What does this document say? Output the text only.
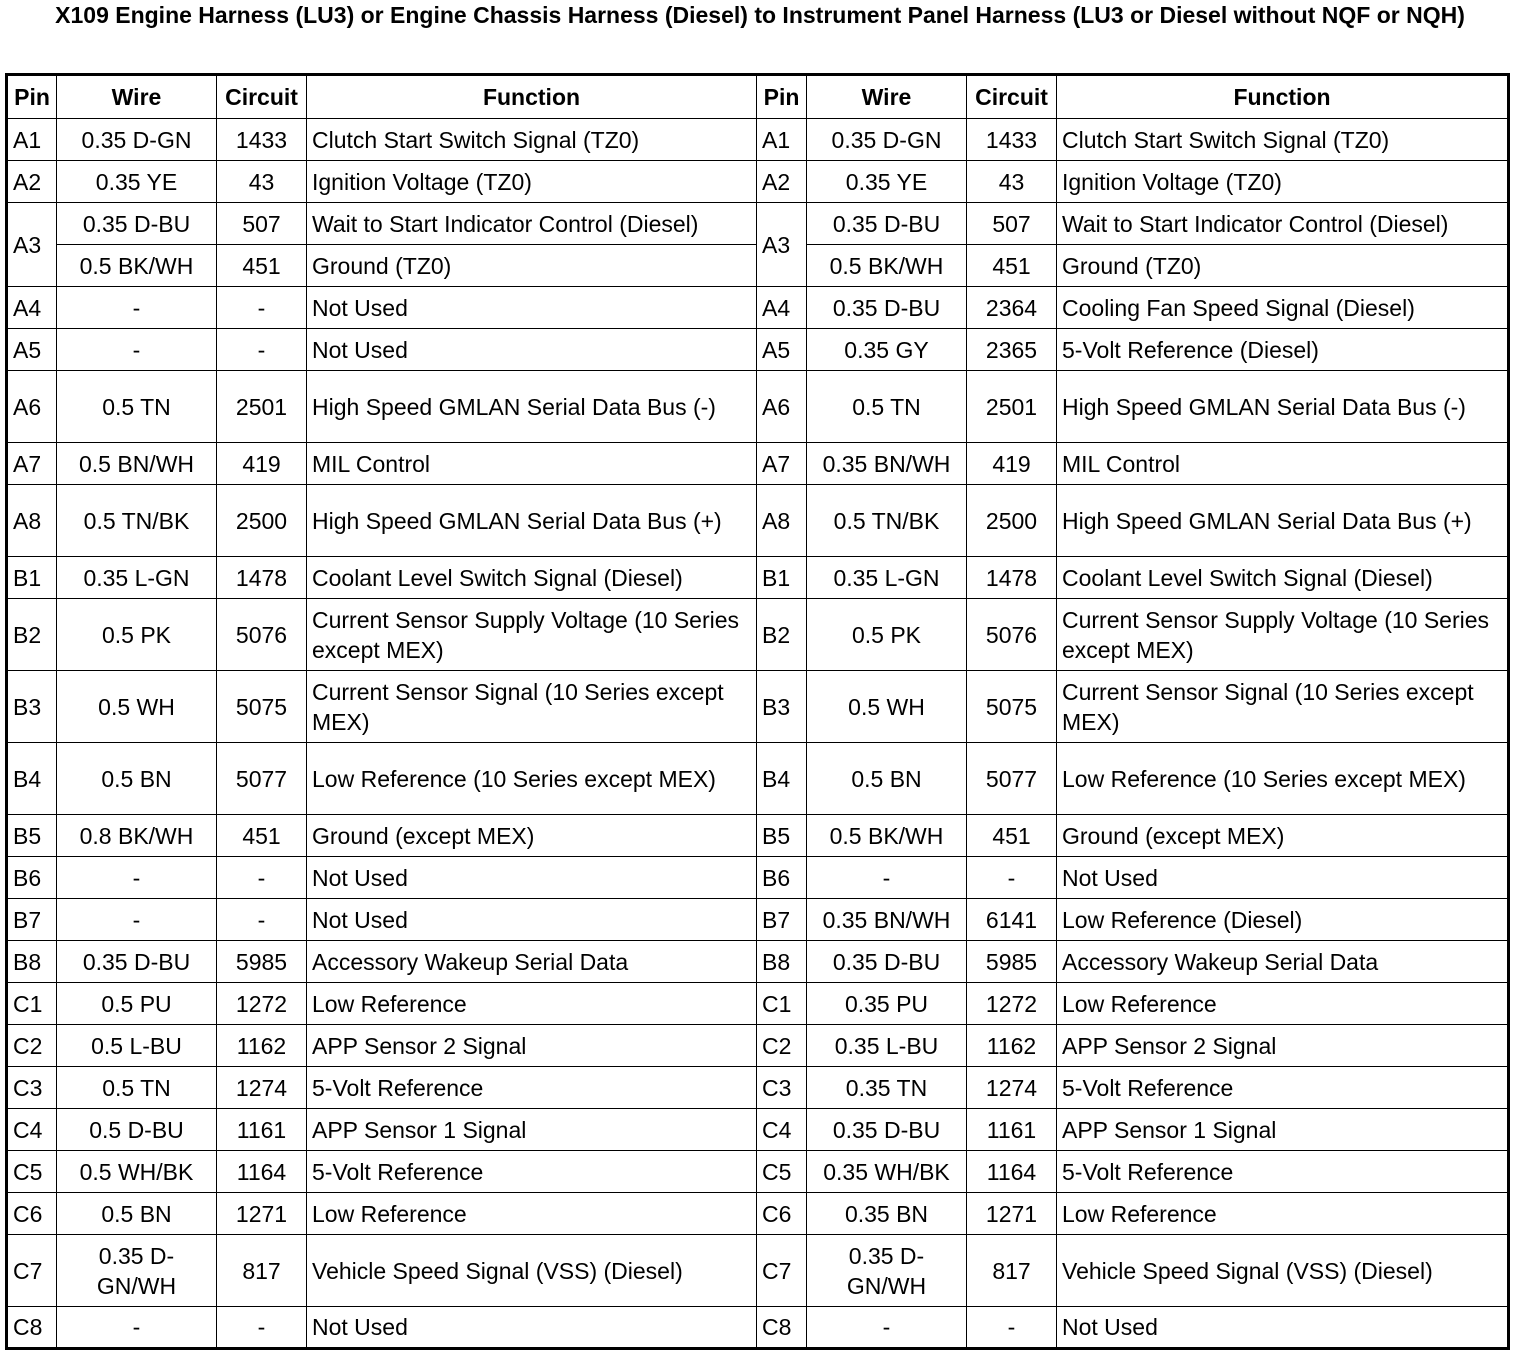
X109 Engine Harness (LU3) or Engine Chassis Harness (Diesel) to Instrument Panel Harness (LU3 or Diesel without NQF or NQH)
Pin	Wire	Circuit	Function	Pin	Wire	Circuit	Function
A1	0.35 D-GN	1433	Clutch Start Switch Signal (TZ0)	A1	0.35 D-GN	1433	Clutch Start Switch Signal (TZ0)
A2	0.35 YE	43	Ignition Voltage (TZ0)	A2	0.35 YE	43	Ignition Voltage (TZ0)
A3	0.35 D-BU	507	Wait to Start Indicator Control (Diesel)	A3	0.35 D-BU	507	Wait to Start Indicator Control (Diesel)
	0.5 BK/WH	451	Ground (TZ0)		0.5 BK/WH	451	Ground (TZ0)
A4	-	-	Not Used	A4	0.35 D-BU	2364	Cooling Fan Speed Signal (Diesel)
A5	-	-	Not Used	A5	0.35 GY	2365	5-Volt Reference (Diesel)
A6	0.5 TN	2501	High Speed GMLAN Serial Data Bus (-)	A6	0.5 TN	2501	High Speed GMLAN Serial Data Bus (-)
A7	0.5 BN/WH	419	MIL Control	A7	0.35 BN/WH	419	MIL Control
A8	0.5 TN/BK	2500	High Speed GMLAN Serial Data Bus (+)	A8	0.5 TN/BK	2500	High Speed GMLAN Serial Data Bus (+)
B1	0.35 L-GN	1478	Coolant Level Switch Signal (Diesel)	B1	0.35 L-GN	1478	Coolant Level Switch Signal (Diesel)
B2	0.5 PK	5076	Current Sensor Supply Voltage (10 Series except MEX)	B2	0.5 PK	5076	Current Sensor Supply Voltage (10 Series except MEX)
B3	0.5 WH	5075	Current Sensor Signal (10 Series except MEX)	B3	0.5 WH	5075	Current Sensor Signal (10 Series except MEX)
B4	0.5 BN	5077	Low Reference (10 Series except MEX)	B4	0.5 BN	5077	Low Reference (10 Series except MEX)
B5	0.8 BK/WH	451	Ground (except MEX)	B5	0.5 BK/WH	451	Ground (except MEX)
B6	-	-	Not Used	B6	-	-	Not Used
B7	-	-	Not Used	B7	0.35 BN/WH	6141	Low Reference (Diesel)
B8	0.35 D-BU	5985	Accessory Wakeup Serial Data	B8	0.35 D-BU	5985	Accessory Wakeup Serial Data
C1	0.5 PU	1272	Low Reference	C1	0.35 PU	1272	Low Reference
C2	0.5 L-BU	1162	APP Sensor 2 Signal	C2	0.35 L-BU	1162	APP Sensor 2 Signal
C3	0.5 TN	1274	5-Volt Reference	C3	0.35 TN	1274	5-Volt Reference
C4	0.5 D-BU	1161	APP Sensor 1 Signal	C4	0.35 D-BU	1161	APP Sensor 1 Signal
C5	0.5 WH/BK	1164	5-Volt Reference	C5	0.35 WH/BK	1164	5-Volt Reference
C6	0.5 BN	1271	Low Reference	C6	0.35 BN	1271	Low Reference
C7	0.35 D-GN/WH	817	Vehicle Speed Signal (VSS) (Diesel)	C7	0.35 D-GN/WH	817	Vehicle Speed Signal (VSS) (Diesel)
C8	-	-	Not Used	C8	-	-	Not Used
